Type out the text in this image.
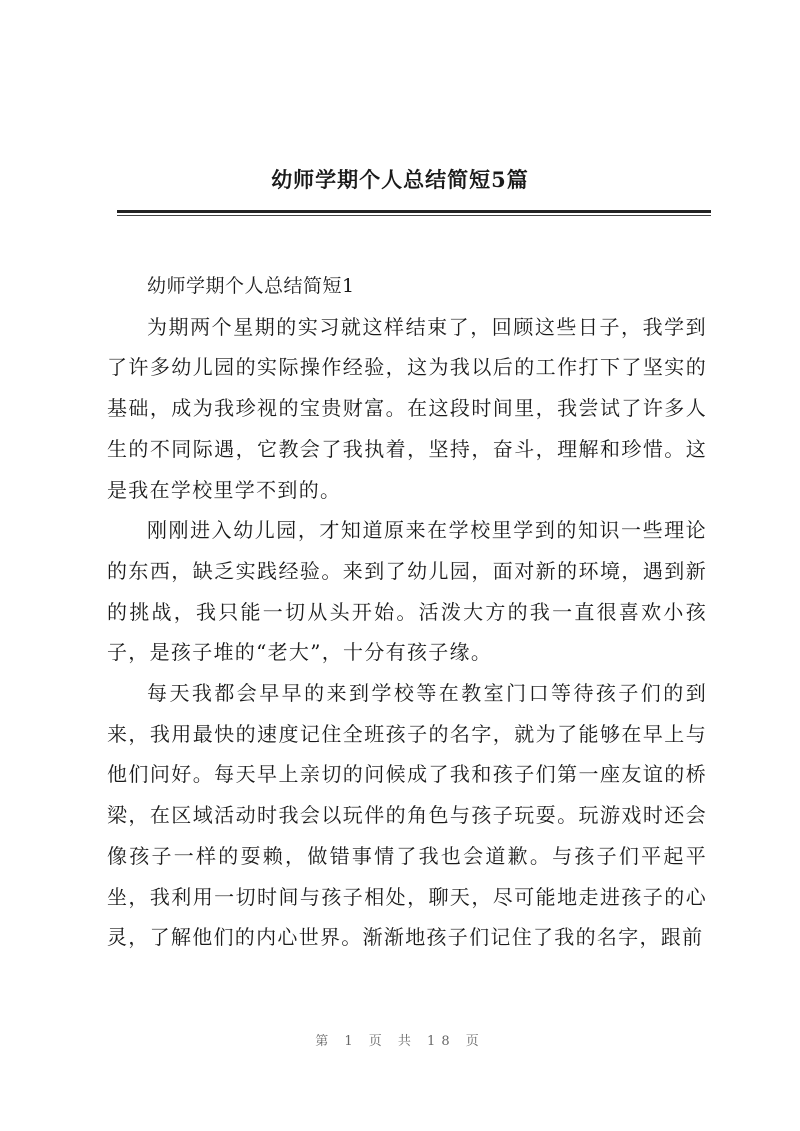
幼师学期个人总结简短5篇

幼师学期个人总结简短1

为期两个星期的实习就这样结束了，回顾这些日子，我学到了许多幼儿园的实际操作经验，这为我以后的工作打下了坚实的基础，成为我珍视的宝贵财富。在这段时间里，我尝试了许多人生的不同际遇，它教会了我执着，坚持，奋斗，理解和珍惜。这是我在学校里学不到的。

刚刚进入幼儿园，才知道原来在学校里学到的知识一些理论的东西，缺乏实践经验。来到了幼儿园，面对新的环境，遇到新的挑战，我只能一切从头开始。活泼大方的我一直很喜欢小孩子，是孩子堆的“老大”，十分有孩子缘。

每天我都会早早的来到学校等在教室门口等待孩子们的到来，我用最快的速度记住全班孩子的名字，就为了能够在早上与他们问好。每天早上亲切的问候成了我和孩子们第一座友谊的桥梁，在区域活动时我会以玩伴的角色与孩子玩耍。玩游戏时还会像孩子一样的耍赖，做错事情了我也会道歉。与孩子们平起平坐，我利用一切时间与孩子相处，聊天，尽可能地走进孩子的心灵，了解他们的内心世界。渐渐地孩子们记住了我的名字，跟前

第 1 页 共 18 页
